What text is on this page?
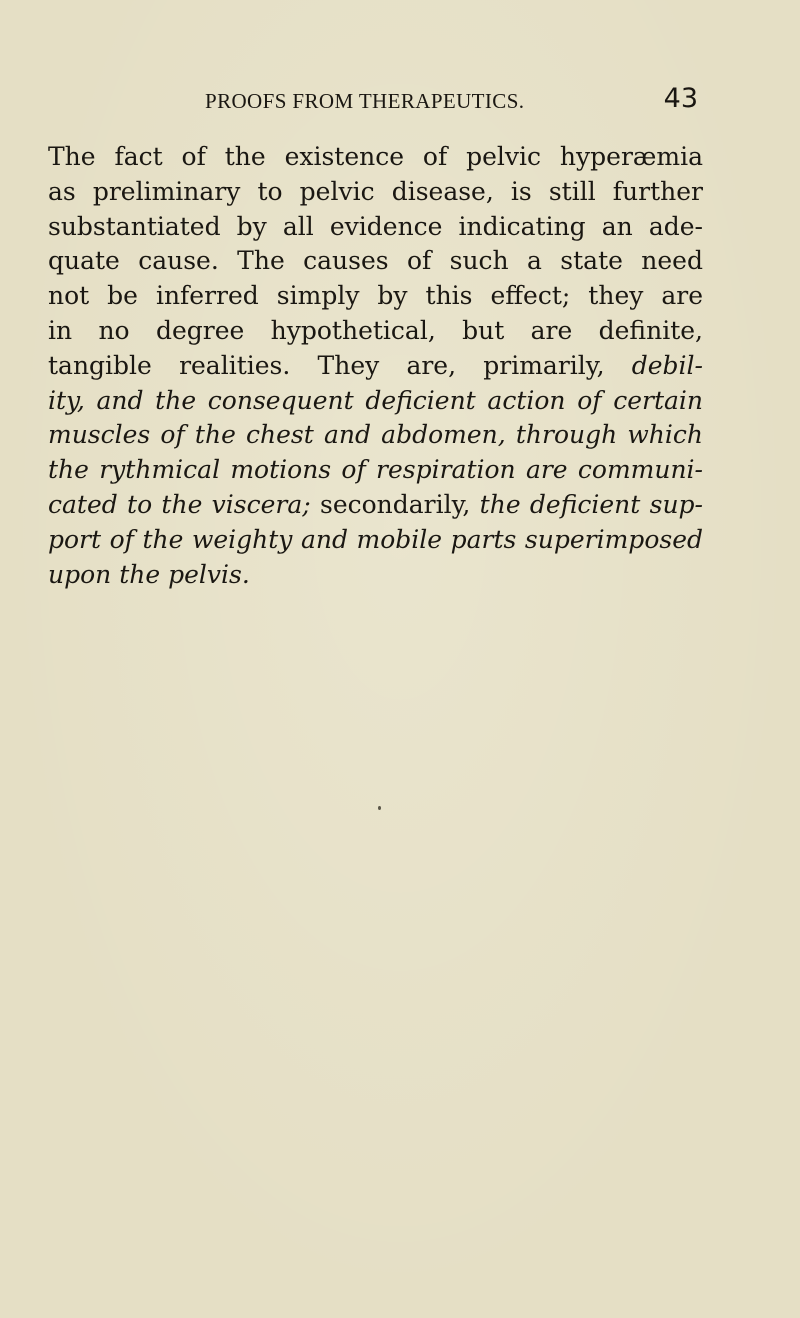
PROOFS FROM THERAPEUTICS.	43
The fact of the existence of pelvic hyperæmia
as preliminary to pelvic disease, is still further
substantiated by all evidence indicating an ade-
quate cause. The causes of such a state need
not be inferred simply by this effect; they are
in no degree hypothetical, but are definite,
tangible realities. They are, primarily, debil-
ity, and the consequent deficient action of certain
muscles of the chest and abdomen, through which
the rythmical motions of respiration are communi-
cated to the viscera; secondarily, the deficient sup-
port of the weighty and mobile parts superimposed
upon the pelvis.
